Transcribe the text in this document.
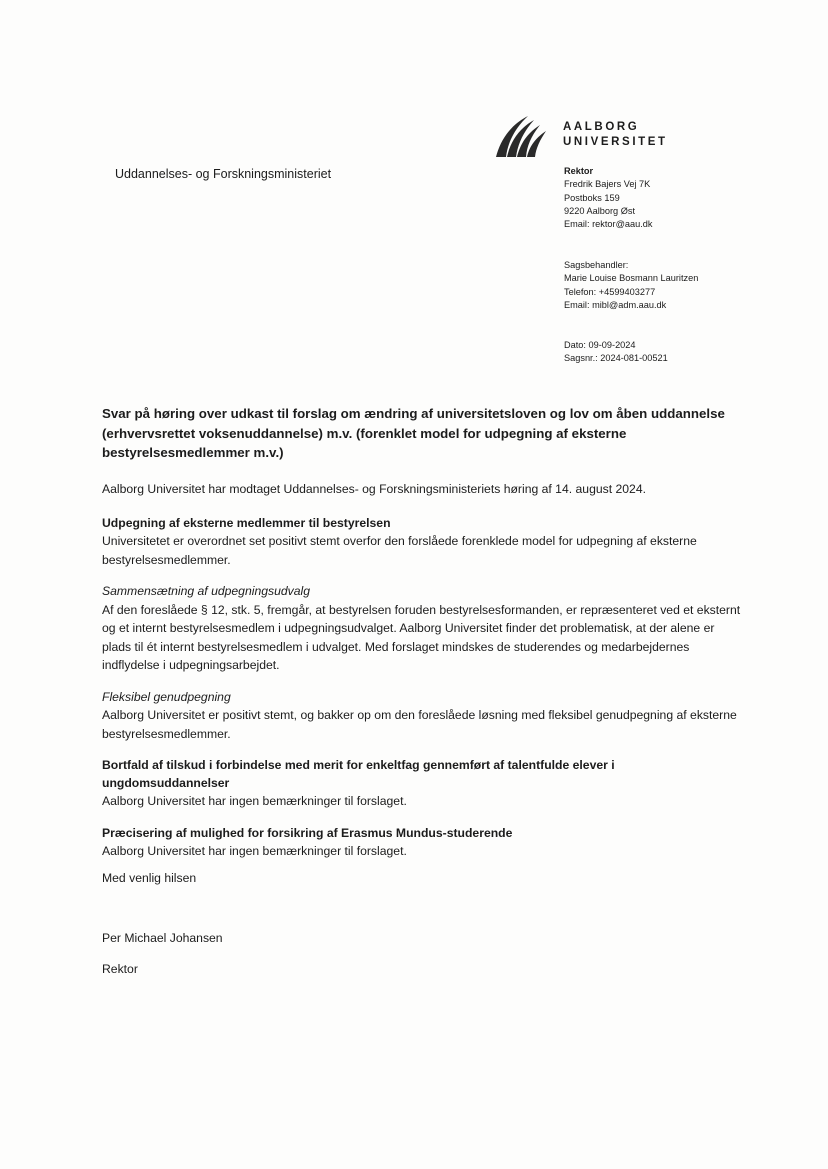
AALBORG
UNIVERSITET
Uddannelses- og Forskningsministeriet	Rektor
Fredrik Bajers Vej 7K
Postboks 159
9220 Aalborg Øst
Email: rektor@aau.dk
Sagsbehandler:
Marie Louise Bosmann Lauritzen
Telefon: +4599403277
Email: mibl@adm.aau.dk
Dato: 09-09-2024
Sagsnr.: 2024-081-00521
Svar på høring over udkast til forslag om ændring af universitetsloven og lov om åben uddannelse (erhvervsrettet voksenuddannelse) m.v. (forenklet model for udpegning af eksterne bestyrelsesmedlemmer m.v.)
Aalborg Universitet har modtaget Uddannelses- og Forskningsministeriets høring af 14. august 2024.
Udpegning af eksterne medlemmer til bestyrelsen
Universitetet er overordnet set positivt stemt overfor den forslåede forenklede model for udpegning af eksterne bestyrelsesmedlemmer.
Sammensætning af udpegningsudvalg
Af den foreslåede § 12, stk. 5, fremgår, at bestyrelsen foruden bestyrelsesformanden, er repræsenteret ved et eksternt og et internt bestyrelsesmedlem i udpegningsudvalget. Aalborg Universitet finder det problematisk, at der alene er plads til ét internt bestyrelsesmedlem i udvalget. Med forslaget mindskes de studerendes og medarbejdernes indflydelse i udpegningsarbejdet.
Fleksibel genudpegning
Aalborg Universitet er positivt stemt, og bakker op om den foreslåede løsning med fleksibel genudpegning af eksterne bestyrelsesmedlemmer.
Bortfald af tilskud i forbindelse med merit for enkeltfag gennemført af talentfulde elever i ungdomsuddannelser
Aalborg Universitet har ingen bemærkninger til forslaget.
Præcisering af mulighed for forsikring af Erasmus Mundus-studerende
Aalborg Universitet har ingen bemærkninger til forslaget.
Med venlig hilsen
Per Michael Johansen
Rektor
